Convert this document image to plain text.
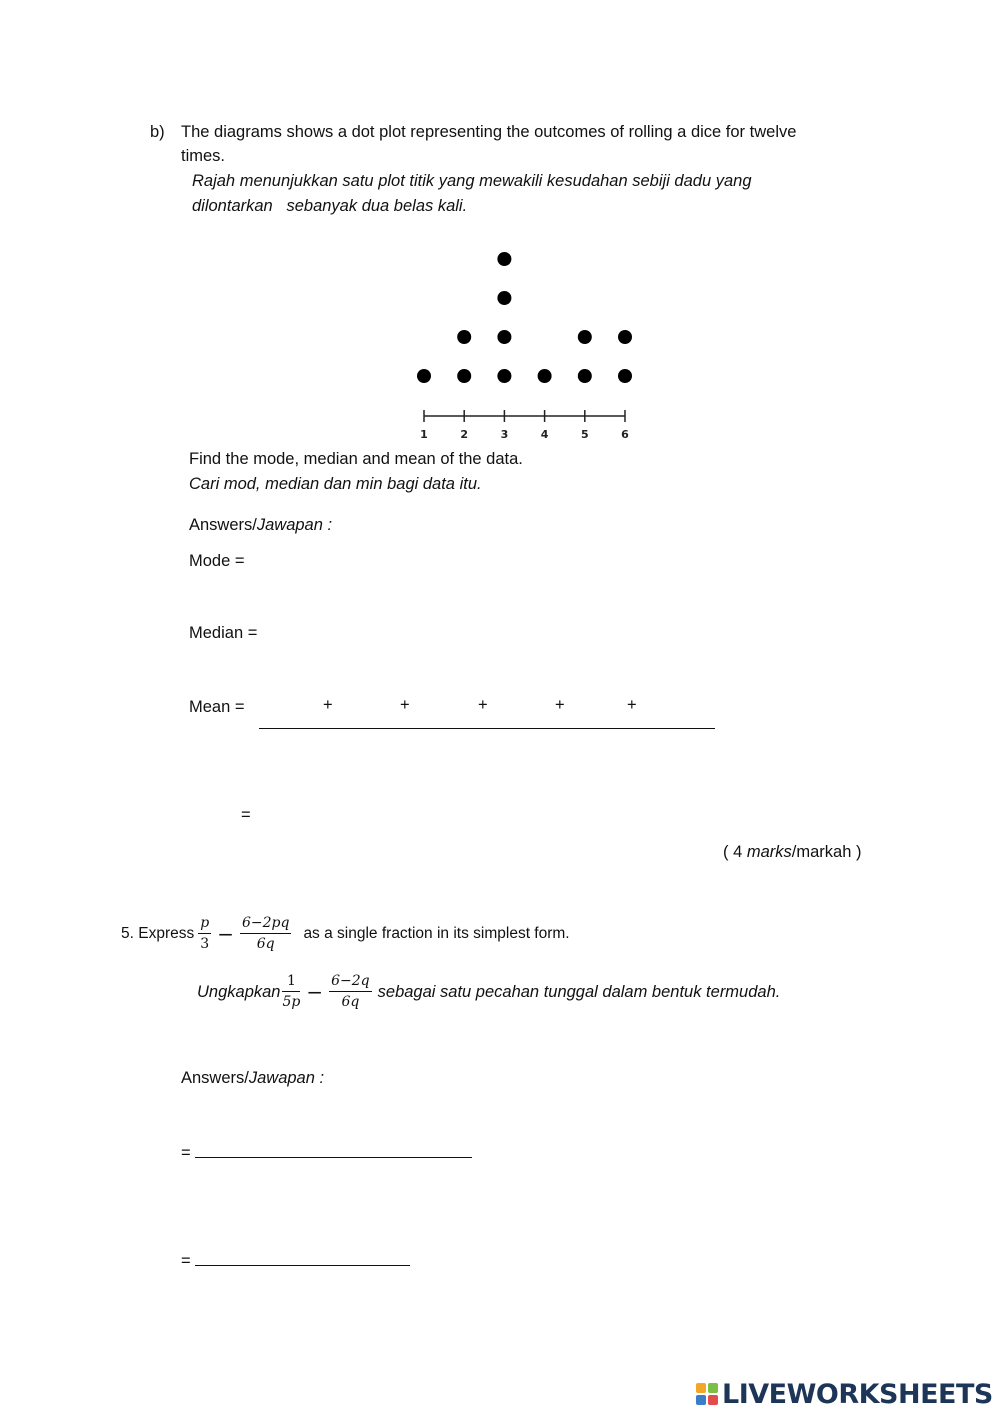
b) The diagrams shows a dot plot representing the outcomes of rolling a dice for twelve
times.
Rajah menunjukkan satu plot titik yang mewakili kesudahan sebiji dadu yang
dilontarkan   sebanyak dua belas kali.
1	2	3	4	5	6
Find the mode, median and mean of the data.
Cari mod, median dan min bagi data itu.
Answers/Jawapan :
Mode =
Median =
Mean =	+	+	+	+	+
=
( 4 marks/markah )
5. Express $\frac{p}{3} - \frac{6-2pq}{6q}$ as a single fraction in its simplest form.
Ungkapkan $\frac{1}{5p} - \frac{6-2q}{6q}$ sebagai satu pecahan tunggal dalam bentuk termudah.
Answers/Jawapan :
=
=
LIVEWORKSHEETS
